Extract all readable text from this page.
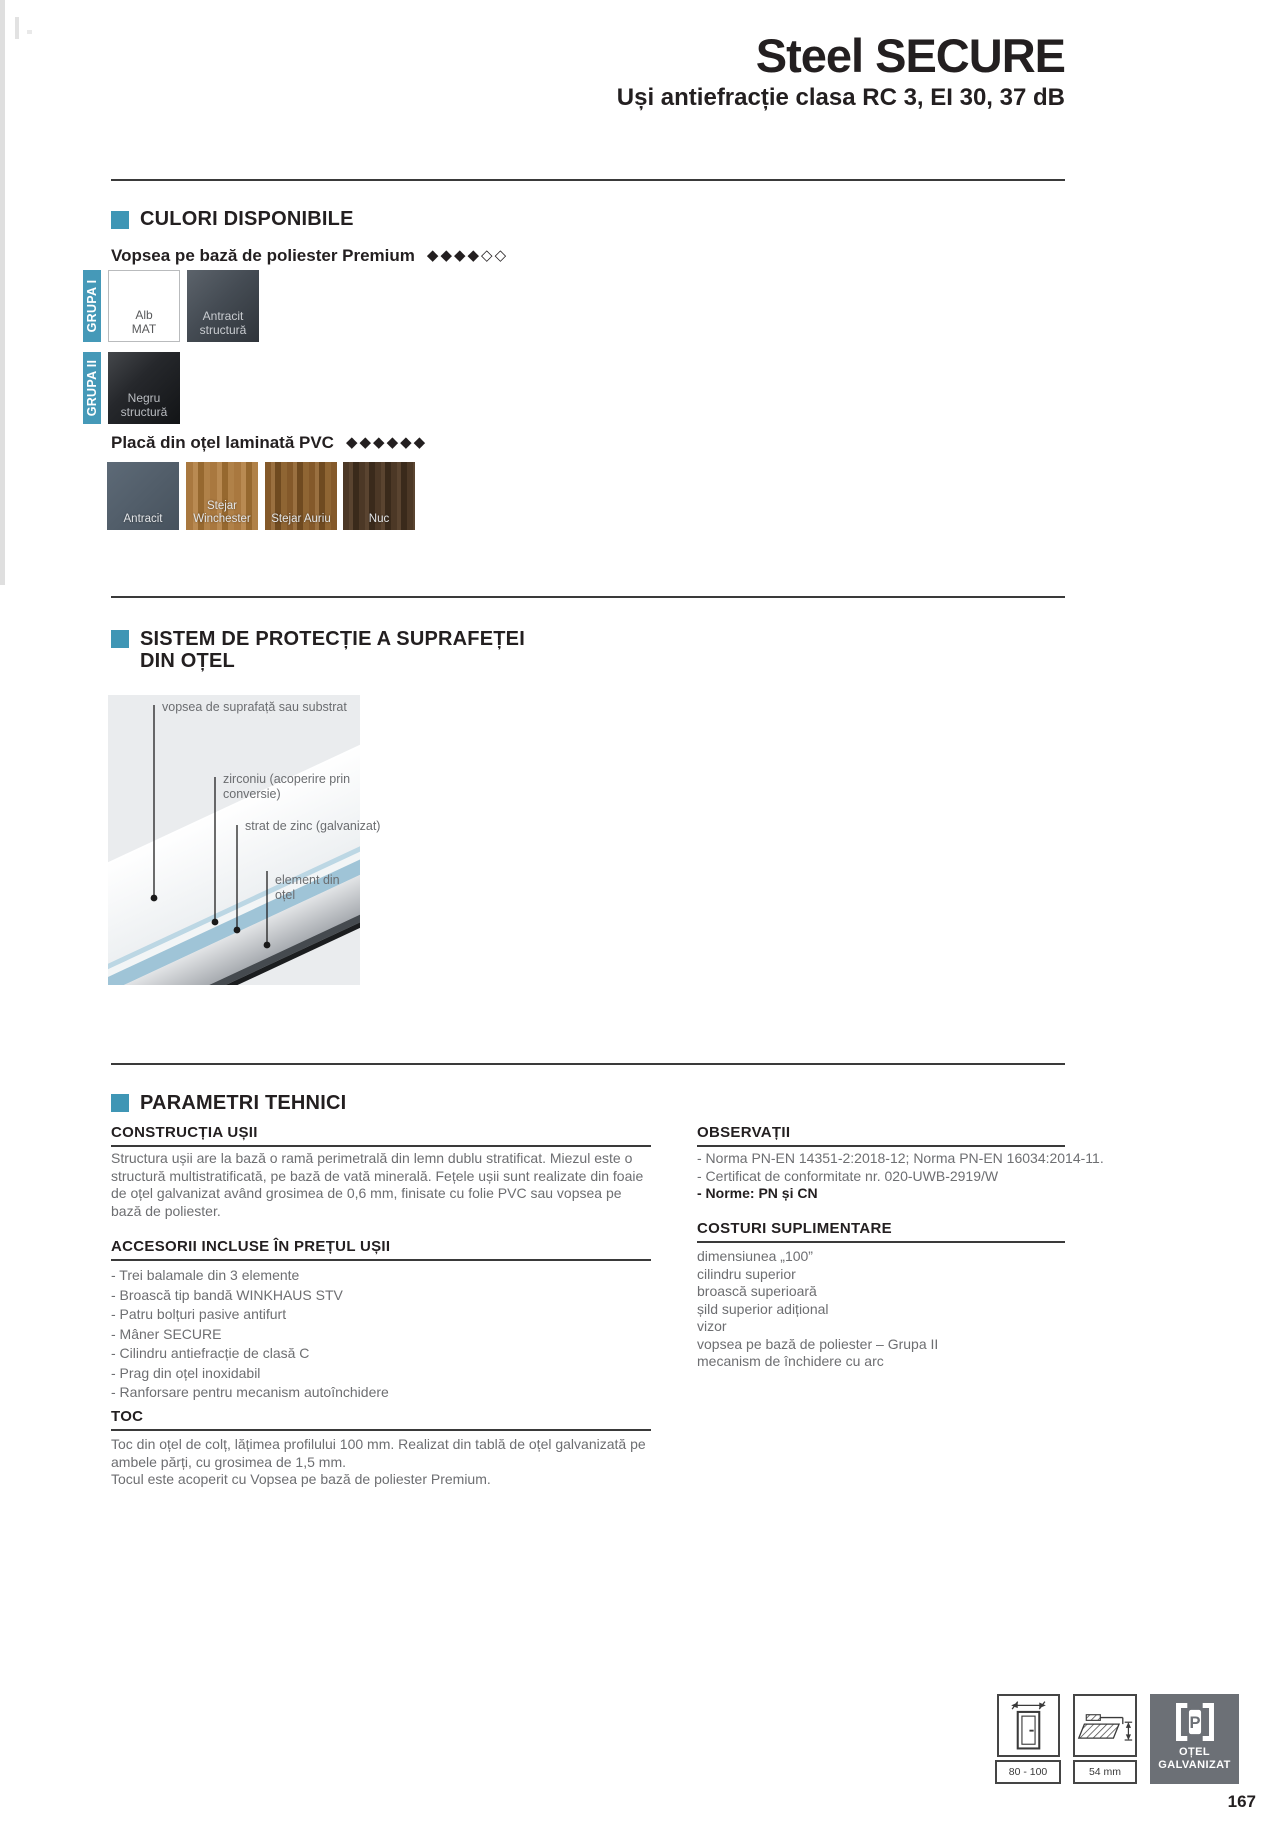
Steel SECURE
Uși antiefracție clasa RC 3, EI 30, 37 dB
CULORI DISPONIBILE
Vopsea pe bază de poliester Premium ◆◆◆◆◇◇
GRUPA I	Alb
MAT
Antracit
structură
GRUPA II Negru
structură
Placă din oțel laminată PVC ◆◆◆◆◆◆
Antracit
Stejar
Winchester Stejar Auriu	Nuc
SISTEM DE PROTECȚIE A SUPRAFEȚEI
DIN OȚEL
vopsea de suprafață sau substrat
zirconiu (acoperire prin conversie)
strat de zinc (galvanizat)
element din oțel
PARAMETRI TEHNICI
CONSTRUCȚIA UȘII
Structura ușii are la bază o ramă perimetrală din lemn dublu stratificat. Miezul este o structură multistratificată, pe bază de vată minerală. Fețele ușii sunt realizate din foaie de oțel galvanizat având grosimea de 0,6 mm, finisate cu folie PVC sau vopsea pe bază de poliester.
ACCESORII INCLUSE ÎN PREȚUL UȘII
- Trei balamale din 3 elemente
- Broască tip bandă WINKHAUS STV
- Patru bolțuri pasive antifurt
- Mâner SECURE
- Cilindru antiefracție de clasă C
- Prag din oțel inoxidabil
- Ranforsare pentru mecanism autoînchidere
TOC
Toc din oțel de colț, lățimea profilului 100 mm. Realizat din tablă de oțel galvanizată pe ambele părți, cu grosimea de 1,5 mm.
Tocul este acoperit cu Vopsea pe bază de poliester Premium.
OBSERVAȚII
- Norma PN-EN 14351-2:2018-12; Norma PN-EN 16034:2014-11.
- Certificat de conformitate nr. 020-UWB-2919/W
- Norme: PN și CN
COSTURI SUPLIMENTARE
dimensiunea „100”
cilindru superior
broască superioară
șild superior adițional
vizor
vopsea pe bază de poliester – Grupa II
mecanism de închidere cu arc
80 - 100	54 mm
P
OȚEL
GALVANIZAT
167
